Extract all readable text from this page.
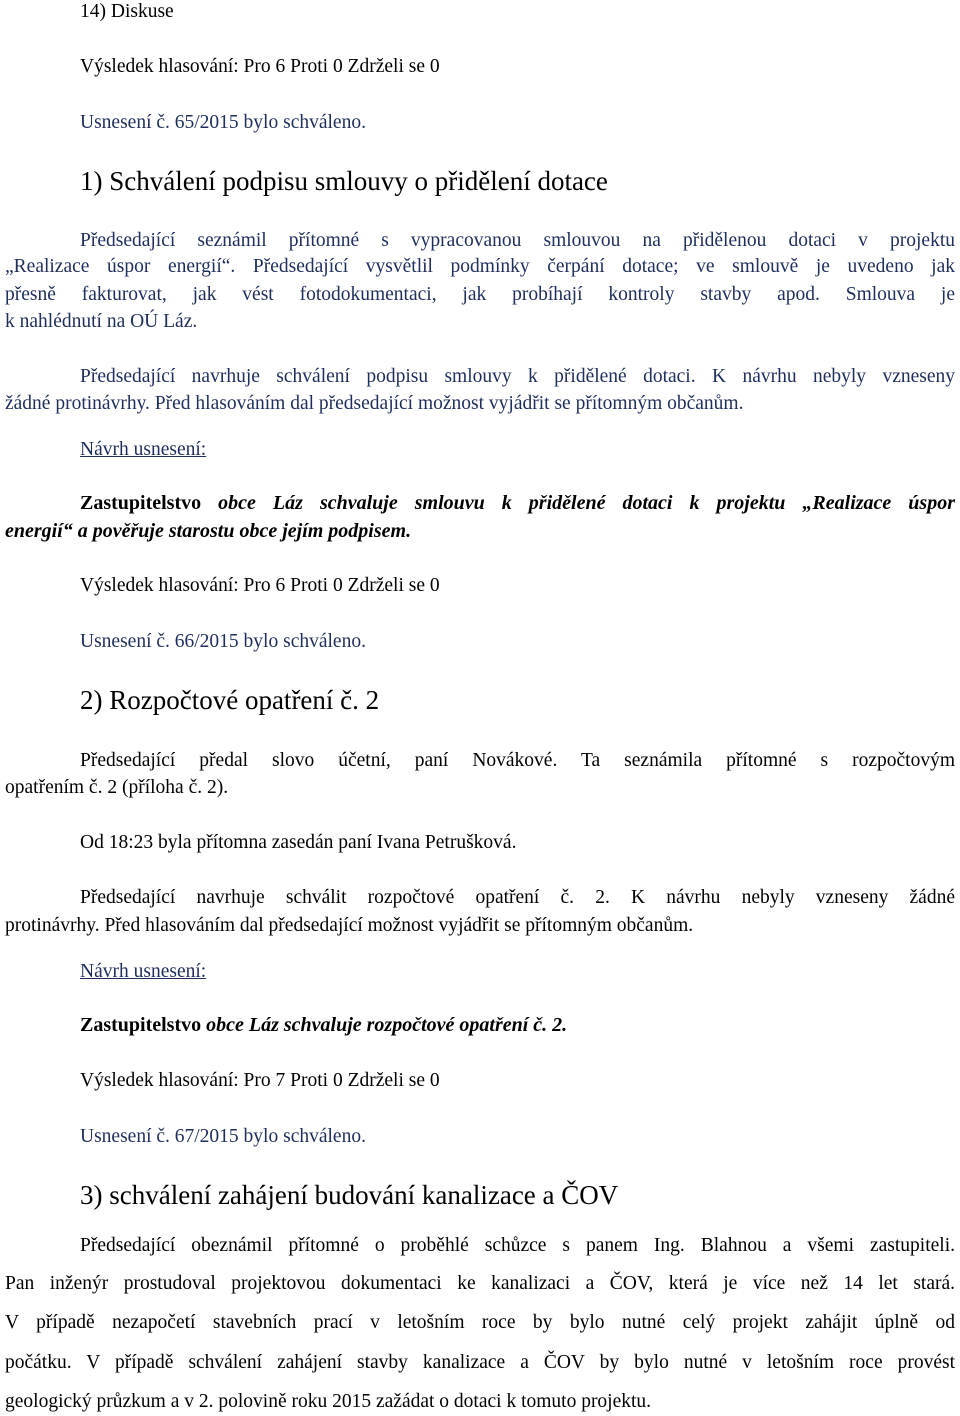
14) Diskuse
Výsledek hlasování: Pro 6 Proti 0 Zdrželi se 0
Usnesení č. 65/2015 bylo schváleno.
1) Schválení podpisu smlouvy o přidělení dotace
Předsedající seznámil přítomné s vypracovanou smlouvou na přidělenou dotaci v projektu
„Realizace úspor energií“. Předsedající vysvětlil podmínky čerpání dotace; ve smlouvě je uvedeno jak
přesně fakturovat, jak vést fotodokumentaci, jak probíhají kontroly stavby apod. Smlouva je
k nahlédnutí na OÚ Láz.
Předsedající navrhuje schválení podpisu smlouvy k přidělené dotaci. K návrhu nebyly vzneseny
žádné protinávrhy. Před hlasováním dal předsedající možnost vyjádřit se přítomným občanům.
Návrh usnesení:
Zastupitelstvo obce Láz schvaluje smlouvu k přidělené dotaci k projektu „Realizace úspor
energií“ a pověřuje starostu obce jejím podpisem.
Výsledek hlasování: Pro 6 Proti 0 Zdrželi se 0
Usnesení č. 66/2015 bylo schváleno.
2) Rozpočtové opatření č. 2
Předsedající předal slovo účetní, paní Novákové. Ta seznámila přítomné s rozpočtovým
opatřením č. 2 (příloha č. 2).
Od 18:23 byla přítomna zasedán paní Ivana Petrušková.
Předsedající navrhuje schválit rozpočtové opatření č. 2. K návrhu nebyly vzneseny žádné
protinávrhy. Před hlasováním dal předsedající možnost vyjádřit se přítomným občanům.
Návrh usnesení:
Zastupitelstvo obce Láz schvaluje rozpočtové opatření č. 2.
Výsledek hlasování: Pro 7 Proti 0 Zdrželi se 0
Usnesení č. 67/2015 bylo schváleno.
3) schválení zahájení budování kanalizace a ČOV
Předsedající obeznámil přítomné o proběhlé schůzce s panem Ing. Blahnou a všemi zastupiteli.
Pan inženýr prostudoval projektovou dokumentaci ke kanalizaci a ČOV, která je více než 14 let stará.
V případě nezapočetí stavebních prací v letošním roce by bylo nutné celý projekt zahájit úplně od
počátku. V případě schválení zahájení stavby kanalizace a ČOV by bylo nutné v letošním roce provést
geologický průzkum a v 2. polovině roku 2015 zažádat o dotaci k tomuto projektu.
